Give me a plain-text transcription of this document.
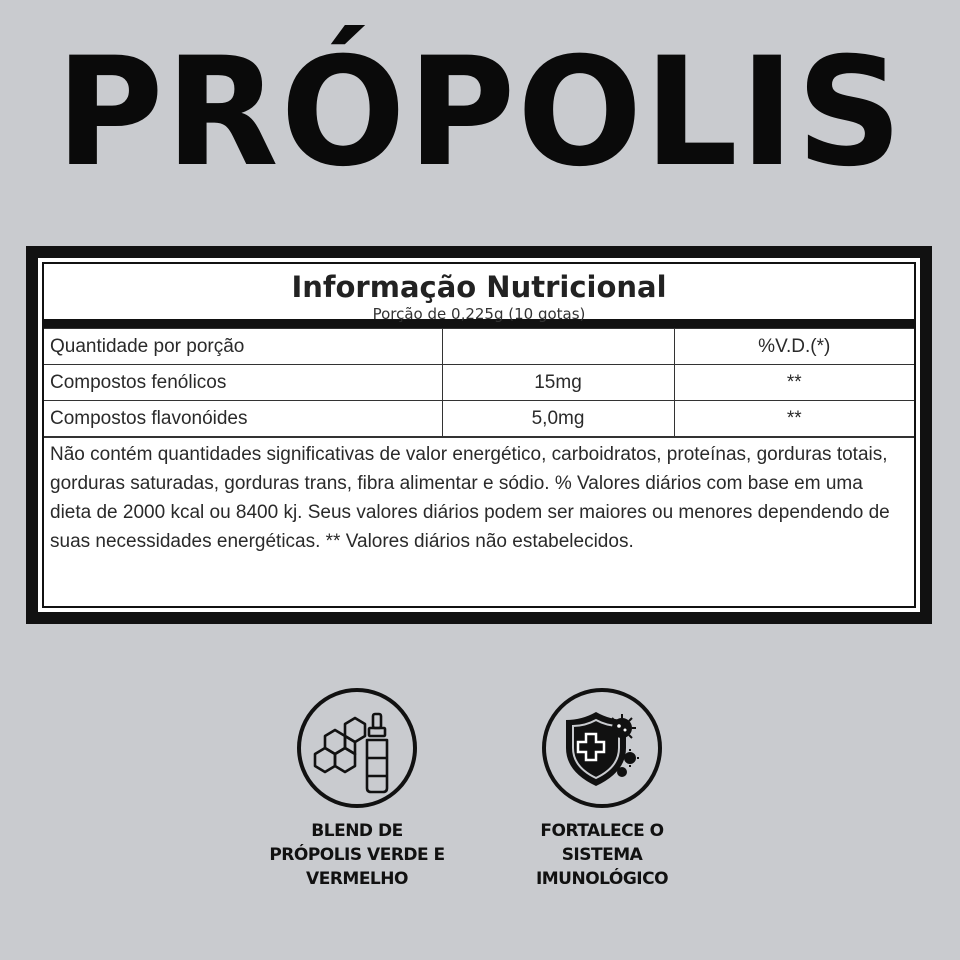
PRÓPOLIS
Informação Nutricional
Porção de 0,225g (10 gotas)
Quantidade por porção		%V.D.(*)
Compostos fenólicos	15mg	**
Compostos flavonóides	5,0mg	**
Não contém quantidades significativas de valor energético, carboidratos, proteínas, gorduras totais, gorduras saturadas, gorduras trans, fibra alimentar e sódio. % Valores diários com base em uma dieta de 2000 kcal ou 8400 kj. Seus valores diários podem ser maiores ou menores dependendo de suas necessidades energéticas. ** Valores diários não estabelecidos.
BLEND DE
PRÓPOLIS VERDE E
VERMELHO
FORTALECE O
SISTEMA
IMUNOLÓGICO
